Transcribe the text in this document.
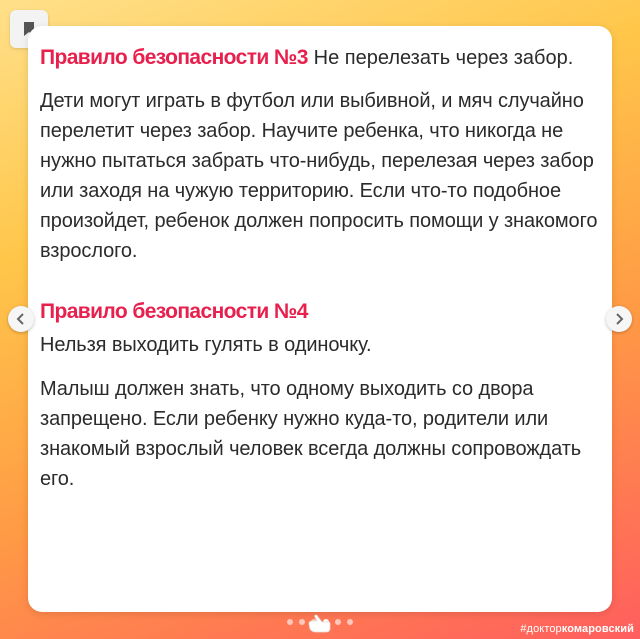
Правило безопасности №3 Не перелезать через забор.

Дети могут играть в футбол или выбивной, и мяч случайно перелетит через забор. Научите ребенка, что никогда не нужно пытаться забрать что-нибудь, перелезая через забор или заходя на чужую территорию. Если что-то подобное произойдет, ребенок должен попросить помощи у знакомого взрослого.

Правило безопасности №4

Нельзя выходить гулять в одиночку.

Малыш должен знать, что одному выходить со двора запрещено. Если ребенку нужно куда-то, родители или знакомый взрослый человек всегда должны сопровождать его.

#докторкомаровский
